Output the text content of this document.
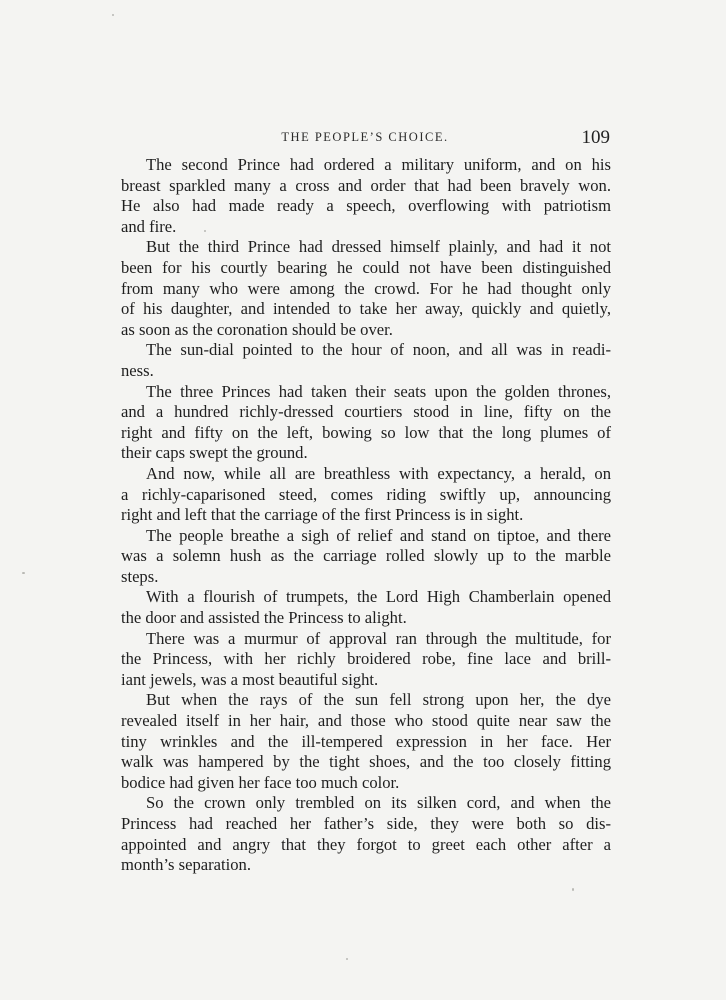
THE PEOPLE’S CHOICE.	109

The second Prince had ordered a military uniform, and on his
breast sparkled many a cross and order that had been bravely won.
He also had made ready a speech, overflowing with patriotism
and fire.

But the third Prince had dressed himself plainly, and had it not
been for his courtly bearing he could not have been distinguished
from many who were among the crowd. For he had thought only
of his daughter, and intended to take her away, quickly and quietly,
as soon as the coronation should be over.

The sun-dial pointed to the hour of noon, and all was in readi-
ness.

The three Princes had taken their seats upon the golden thrones,
and a hundred richly-dressed courtiers stood in line, fifty on the
right and fifty on the left, bowing so low that the long plumes of
their caps swept the ground.

And now, while all are breathless with expectancy, a herald, on
a richly-caparisoned steed, comes riding swiftly up, announcing
right and left that the carriage of the first Princess is in sight.

The people breathe a sigh of relief and stand on tiptoe, and there
was a solemn hush as the carriage rolled slowly up to the marble
steps.

With a flourish of trumpets, the Lord High Chamberlain opened
the door and assisted the Princess to alight.

There was a murmur of approval ran through the multitude, for
the Princess, with her richly broidered robe, fine lace and brill-
iant jewels, was a most beautiful sight.

But when the rays of the sun fell strong upon her, the dye
revealed itself in her hair, and those who stood quite near saw the
tiny wrinkles and the ill-tempered expression in her face. Her
walk was hampered by the tight shoes, and the too closely fitting
bodice had given her face too much color.

So the crown only trembled on its silken cord, and when the
Princess had reached her father’s side, they were both so dis-
appointed and angry that they forgot to greet each other after a
month’s separation.
